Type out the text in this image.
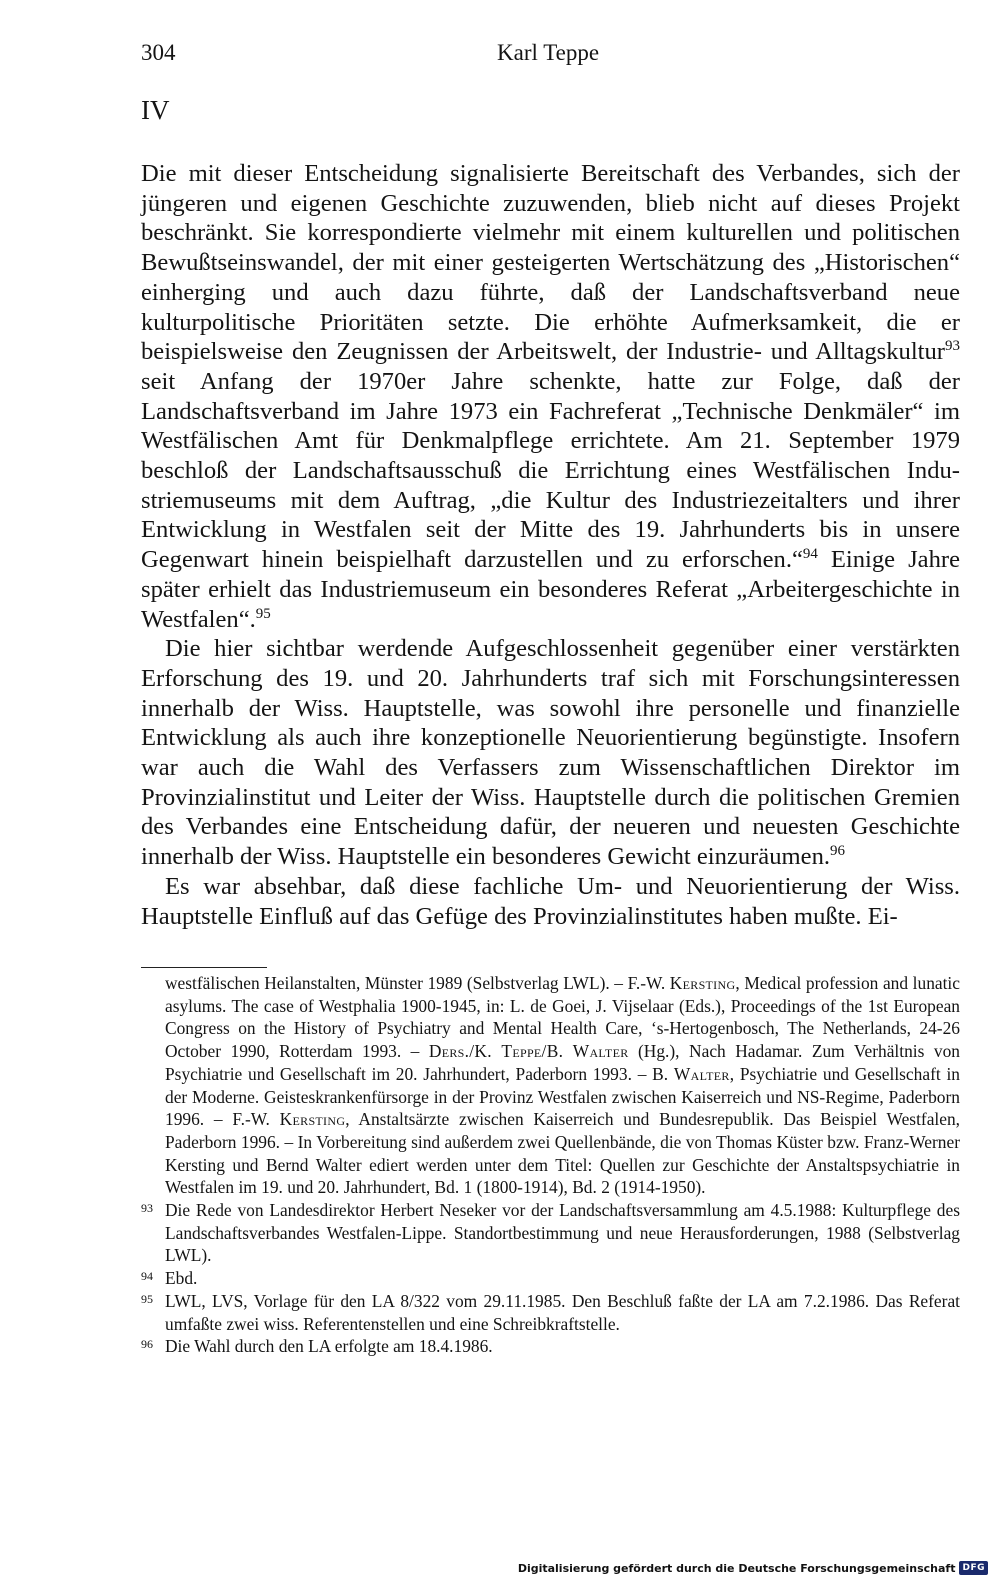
304	Karl Teppe
IV

Die mit dieser Entscheidung signalisierte Bereitschaft des Verbandes, sich der jüngeren und eigenen Geschichte zuzuwenden, blieb nicht auf dieses Projekt beschränkt. Sie korrespondierte vielmehr mit einem kulturellen und politischen Bewußtseinswandel, der mit einer gesteigerten Wertschätzung des „Historischen“ einherging und auch dazu führte, daß der Landschaftsverband neue kulturpolitische Prioritäten setzte. Die erhöhte Aufmerksamkeit, die er beispielsweise den Zeugnissen der Arbeitswelt, der Industrie- und Alltagskultur$^{93}$ seit Anfang der 1970er Jahre schenkte, hatte zur Folge, daß der Landschaftsverband im Jahre 1973 ein Fachreferat „Technische Denkmäler“ im Westfälischen Amt für Denkmalpflege errichtete. Am 21. September 1979 beschloß der Landschaftsausschuß die Errichtung eines Westfälischen Industriemuseums mit dem Auftrag, „die Kultur des Industriezeitalters und ihrer Entwicklung in Westfalen seit der Mitte des 19. Jahrhunderts bis in unsere Gegenwart hinein beispielhaft darzustellen und zu erforschen.“$^{94}$ Einige Jahre später erhielt das Industriemuseum ein besonderes Referat „Arbeitergeschichte in Westfalen“.$^{95}$

Die hier sichtbar werdende Aufgeschlossenheit gegenüber einer verstärkten Erforschung des 19. und 20. Jahrhunderts traf sich mit Forschungsinteressen innerhalb der Wiss. Hauptstelle, was sowohl ihre personelle und finanzielle Entwicklung als auch ihre konzeptionelle Neuorientierung begünstigte. Insofern war auch die Wahl des Verfassers zum Wissenschaftlichen Direktor im Provinzialinstitut und Leiter der Wiss. Hauptstelle durch die politischen Gremien des Verbandes eine Entscheidung dafür, der neueren und neuesten Geschichte innerhalb der Wiss. Hauptstelle ein besonderes Gewicht einzuräumen.$^{96}$

Es war absehbar, daß diese fachliche Um- und Neuorientierung der Wiss. Hauptstelle Einfluß auf das Gefüge des Provinzialinstitutes haben mußte. Ei-

westfälischen Heilanstalten, Münster 1989 (Selbstverlag LWL). – F.-W. Kersting, Medical profession and lunatic asylums. The case of Westphalia 1900-1945, in: L. de Goei, J. Vijselaar (Eds.), Proceedings of the 1st European Congress on the History of Psychiatry and Mental Health Care, ‘s-Hertogenbosch, The Netherlands, 24-26 October 1990, Rotterdam 1993. – Ders./K. Teppe/B. Walter (Hg.), Nach Hadamar. Zum Verhältnis von Psychiatrie und Gesellschaft im 20. Jahrhundert, Paderborn 1993. – B. Walter, Psychiatrie und Gesellschaft in der Moderne. Geisteskrankenfürsorge in der Provinz Westfalen zwischen Kaiserreich und NS-Regime, Paderborn 1996. – F.-W. Kersting, Anstaltsärzte zwischen Kaiserreich und Bundesrepublik. Das Beispiel Westfalen, Paderborn 1996. – In Vorbereitung sind außerdem zwei Quellenbände, die von Thomas Küster bzw. Franz-Werner Kersting und Bernd Walter ediert werden unter dem Titel: Quellen zur Geschichte der Anstaltspsychiatrie in Westfalen im 19. und 20. Jahrhundert, Bd. 1 (1800-1914), Bd. 2 (1914-1950).

93 Die Rede von Landesdirektor Herbert Neseker vor der Landschaftsversammlung am 4.5.1988: Kulturpflege des Landschaftsverbandes Westfalen-Lippe. Standortbestimmung und neue Herausforderungen, 1988 (Selbstverlag LWL).
94 Ebd.
95 LWL, LVS, Vorlage für den LA 8/322 vom 29.11.1985. Den Beschluß faßte der LA am 7.2.1986. Das Referat umfaßte zwei wiss. Referentenstellen und eine Schreibkraftstelle.
96 Die Wahl durch den LA erfolgte am 18.4.1986.
Digitalisierung gefördert durch die Deutsche Forschungsgemeinschaft DFG
